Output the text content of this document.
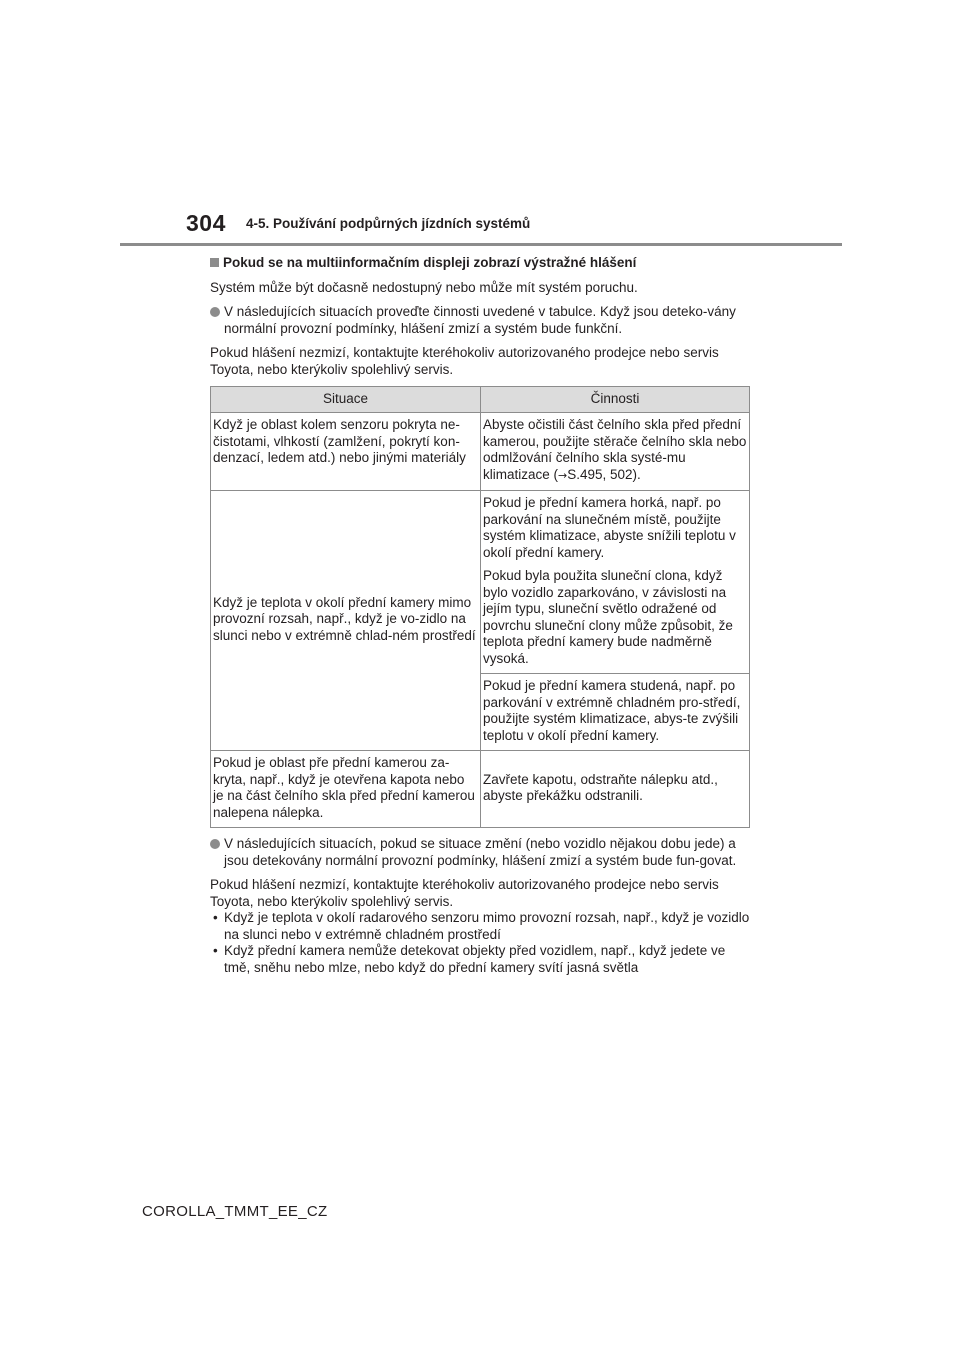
304 4-5. Používání podpůrných jízdních systémů
Pokud se na multiinformačním displeji zobrazí výstražné hlášení

Systém může být dočasně nedostupný nebo může mít systém poruchu.

V následujících situacích proveďte činnosti uvedené v tabulce. Když jsou deteko-vány normální provozní podmínky, hlášení zmizí a systém bude funkční.

Pokud hlášení nezmizí, kontaktujte kteréhokoliv autorizovaného prodejce nebo servis Toyota, nebo kterýkoliv spolehlivý servis.

Situace	Činnosti
Když je oblast kolem senzoru pokryta ne-čistotami, vlhkostí (zamlžení, pokrytí kon-denzací, ledem atd.) nebo jinými materiály	Abyste očistili část čelního skla před přední kamerou, použijte stěrače čelního skla nebo odmlžování čelního skla systé-mu klimatizace (→S.495, 502).
Když je teplota v okolí přední kamery mimo provozní rozsah, např., když je vo-zidlo na slunci nebo v extrémně chlad-ném prostředí	Pokud je přední kamera horká, např. po parkování na slunečném místě, použijte systém klimatizace, abyste snížili teplotu v okolí přední kamery.
Pokud byla použita sluneční clona, když bylo vozidlo zaparkováno, v závislosti na jejím typu, sluneční světlo odražené od povrchu sluneční clony může způsobit, že teplota přední kamery bude nadměrně vysoká.

	Pokud je přední kamera studená, např. po parkování v extrémně chladném pro-středí, použijte systém klimatizace, abys-te zvýšili teplotu v okolí přední kamery.
Pokud je oblast pře přední kamerou za-kryta, např., když je otevřena kapota nebo je na část čelního skla před přední kamerou nalepena nálepka.	Zavřete kapotu, odstraňte nálepku atd., abyste překážku odstranili.
V následujících situacích, pokud se situace změní (nebo vozidlo nějakou dobu jede) a jsou detekovány normální provozní podmínky, hlášení zmizí a systém bude fun-govat.

Pokud hlášení nezmizí, kontaktujte kteréhokoliv autorizovaného prodejce nebo servis Toyota, nebo kterýkoliv spolehlivý servis.

• Když je teplota v okolí radarového senzoru mimo provozní rozsah, např., když je vozidlo na slunci nebo v extrémně chladném prostředí
• Když přední kamera nemůže detekovat objekty před vozidlem, např., když jedete ve tmě, sněhu nebo mlze, nebo když do přední kamery svítí jasná světla
COROLLA_TMMT_EE_CZ
